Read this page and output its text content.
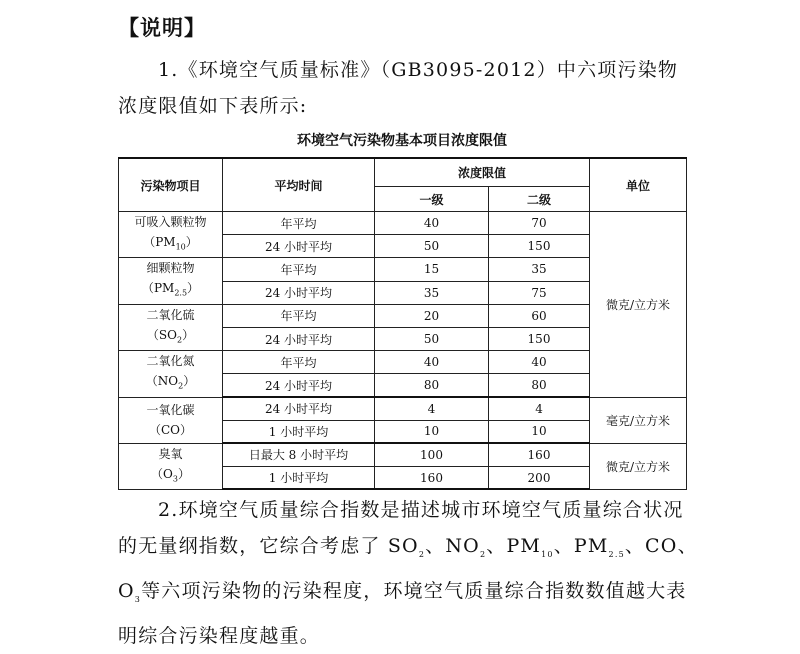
【说明】
1.《环境空气质量标准》（GB3095-2012）中六项污染物浓度限值如下表所示:
环境空气污染物基本项目浓度限值
污染物项目	平均时间	浓度限值		单位
		一级	二级	

可吸入颗粒物
$(PM_{10})$	年平均	40	70	微克/立方米
	24 小时平均	50	150	

细颗粒物
$(PM_{2.5})$	年平均	15	35	
	24 小时平均	35	75	

二氧化硫
$(SO_2)$	年平均	20	60	
	24 小时平均	50	150	

二氧化氮
$(NO_2)$	年平均	40	40	
	24 小时平均	80	80	

一氧化碳
（CO）	24 小时平均	4	4	毫克/立方米
	1 小时平均	10	10	

臭氧
$(O_3)$	日最大 8 小时平均	100	160	微克/立方米
	1 小时平均	160	200	
2.环境空气质量综合指数是描述城市环境空气质量综合状况的无量纲指数，它综合考虑了 $SO_2$、$NO_2$、$PM_{10}$、$PM_{2.5}$、CO、$O_3$等六项污染物的污染程度，环境空气质量综合指数数值越大表明综合污染程度越重。
